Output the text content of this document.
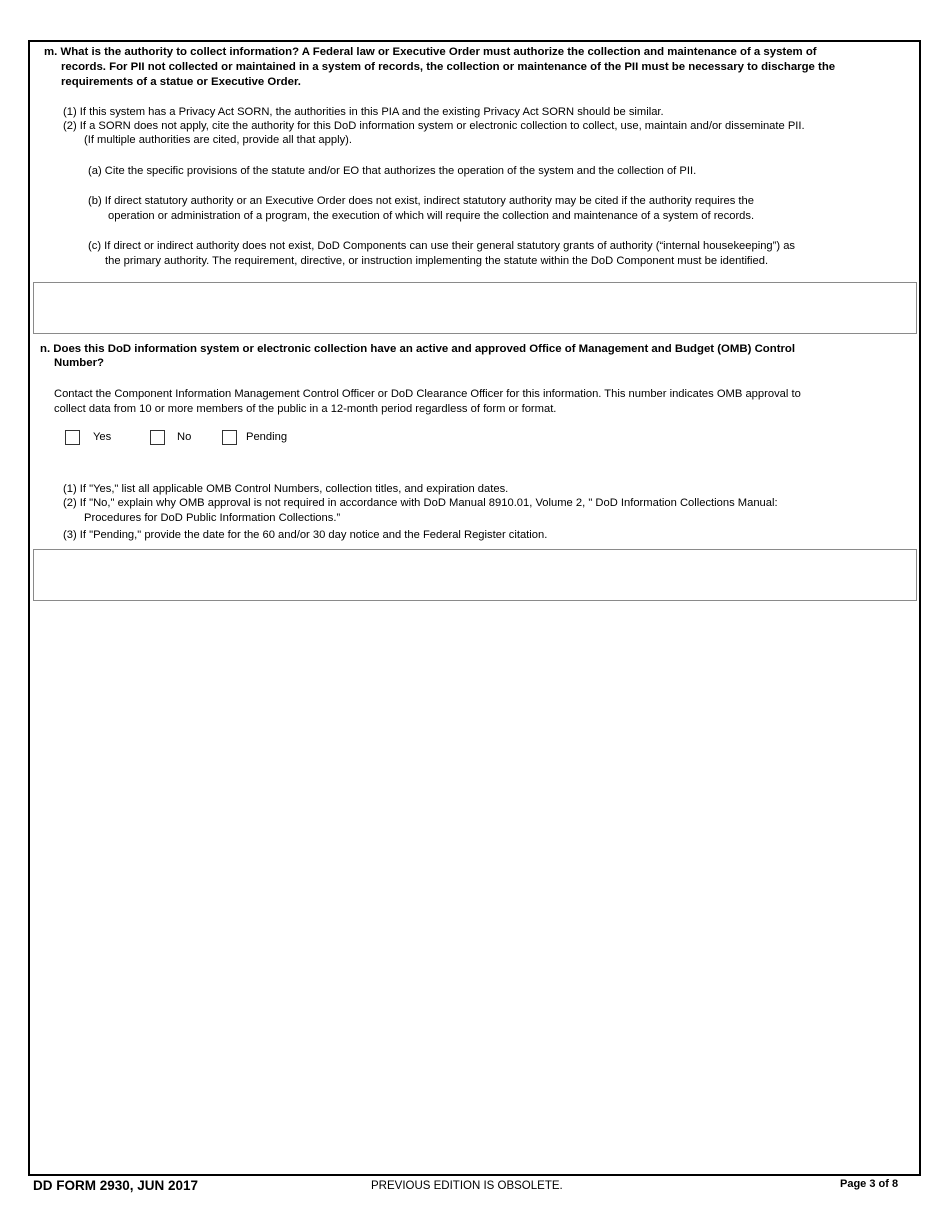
m. What is the authority to collect information? A Federal law or Executive Order must authorize the collection and maintenance of a system of
records. For PII not collected or maintained in a system of records, the collection or maintenance of the PII must be necessary to discharge the
requirements of a statue or Executive Order.
(1) If this system has a Privacy Act SORN, the authorities in this PIA and the existing Privacy Act SORN should be similar.
(2) If a SORN does not apply, cite the authority for this DoD information system or electronic collection to collect, use, maintain and/or disseminate PII.
(If multiple authorities are cited, provide all that apply).
(a) Cite the specific provisions of the statute and/or EO that authorizes the operation of the system and the collection of PII.
(b) If direct statutory authority or an Executive Order does not exist, indirect statutory authority may be cited if the authority requires the
operation or administration of a program, the execution of which will require the collection and maintenance of a system of records.
(c) If direct or indirect authority does not exist, DoD Components can use their general statutory grants of authority (“internal housekeeping”) as
the primary authority. The requirement, directive, or instruction implementing the statute within the DoD Component must be identified.
n. Does this DoD information system or electronic collection have an active and approved Office of Management and Budget (OMB) Control
Number?
Contact the Component Information Management Control Officer or DoD Clearance Officer for this information. This number indicates OMB approval to
collect data from 10 or more members of the public in a 12-month period regardless of form or format.
Yes	No	Pending
(1) If "Yes," list all applicable OMB Control Numbers, collection titles, and expiration dates.
(2) If "No," explain why OMB approval is not required in accordance with DoD Manual 8910.01, Volume 2, " DoD Information Collections Manual:
Procedures for DoD Public Information Collections.”
(3) If "Pending," provide the date for the 60 and/or 30 day notice and the Federal Register citation.
DD FORM 2930, JUN 2017	PREVIOUS EDITION IS OBSOLETE.	Page 3 of 8
